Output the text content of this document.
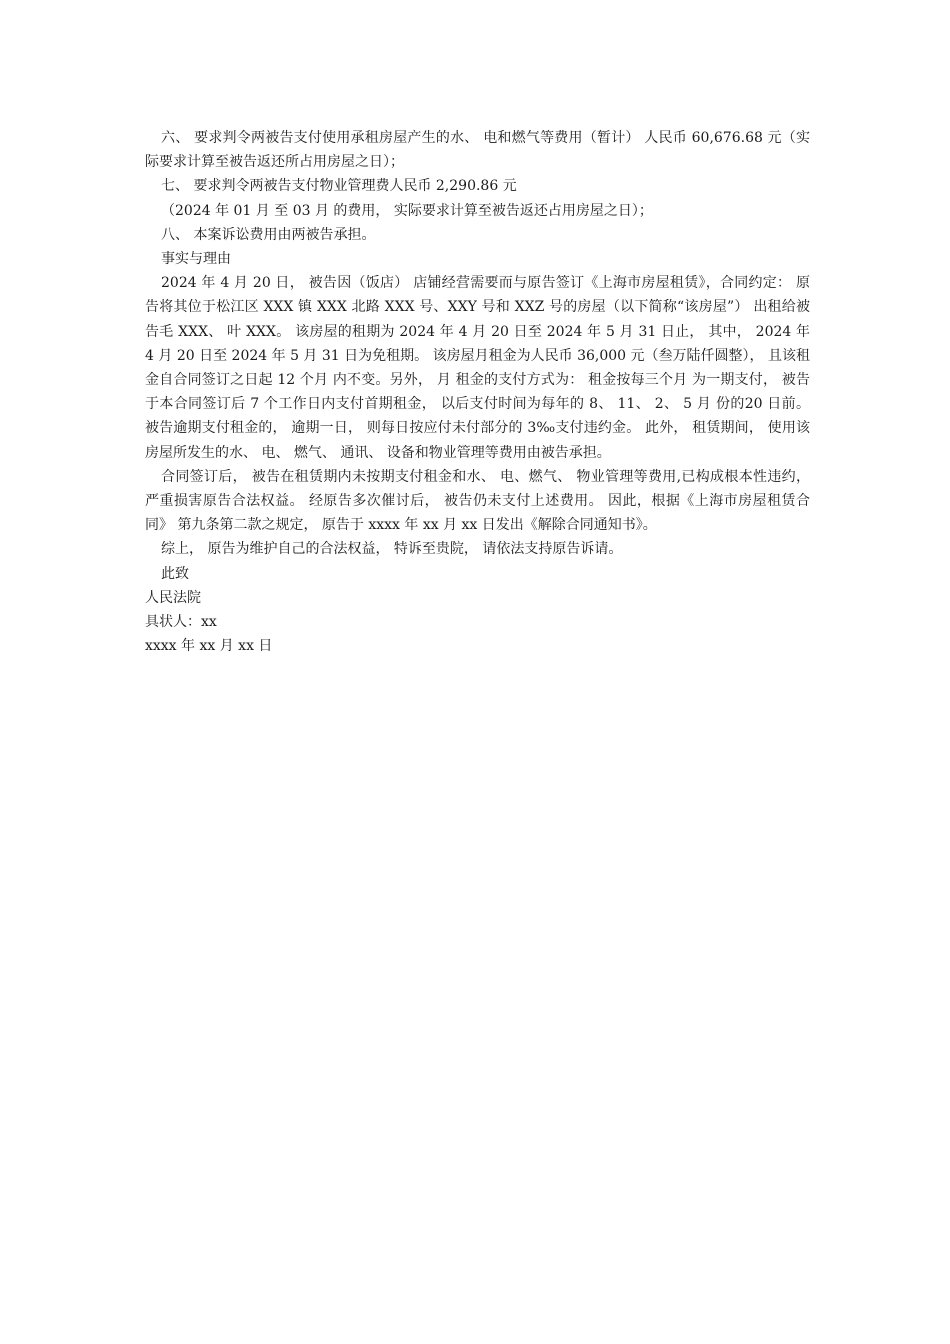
六、 要求判令两被告支付使用承租房屋产生的水、 电和燃气等费用（暂计） 人民币 60,676.68 元（实际要求计算至被告返还所占用房屋之日）；

七、 要求判令两被告支付物业管理费人民币 2,290.86 元

（2024 年 01 月 至 03 月 的费用， 实际要求计算至被告返还占用房屋之日）；

八、 本案诉讼费用由两被告承担。

事实与理由

2024 年 4 月 20 日， 被告因（饭店） 店铺经营需要而与原告签订《上海市房屋租赁》，合同约定： 原告将其位于松江区 XXX 镇 XXX 北路 XXX 号、XXY 号和 XXZ 号的房屋（以下简称“该房屋”） 出租给被告毛 XXX、 叶 XXX。 该房屋的租期为 2024 年 4 月 20 日至 2024 年 5 月 31 日止， 其中， 2024 年 4 月 20 日至 2024 年 5 月 31 日为免租期。 该房屋月租金为人民币 36,000 元（叁万陆仟圆整）， 且该租金自合同签订之日起 12 个月 内不变。另外， 月 租金的支付方式为： 租金按每三个月 为一期支付， 被告于本合同签订后 7 个工作日内支付首期租金， 以后支付时间为每年的 8、 11、 2、 5 月 份的20 日前。 被告逾期支付租金的， 逾期一日， 则每日按应付未付部分的 3‰支付违约金。 此外， 租赁期间， 使用该房屋所发生的水、 电、 燃气、 通讯、 设备和物业管理等费用由被告承担。

合同签订后， 被告在租赁期内未按期支付租金和水、 电、燃气、 物业管理等费用,已构成根本性违约， 严重损害原告合法权益。 经原告多次催讨后， 被告仍未支付上述费用。 因此，根据《上海市房屋租赁合同》 第九条第二款之规定， 原告于 xxxx 年 xx 月 xx 日发出《解除合同通知书》。

综上， 原告为维护自己的合法权益， 特诉至贵院， 请依法支持原告诉请。

此致

人民法院

具状人：xx

xxxx 年 xx 月 xx 日
